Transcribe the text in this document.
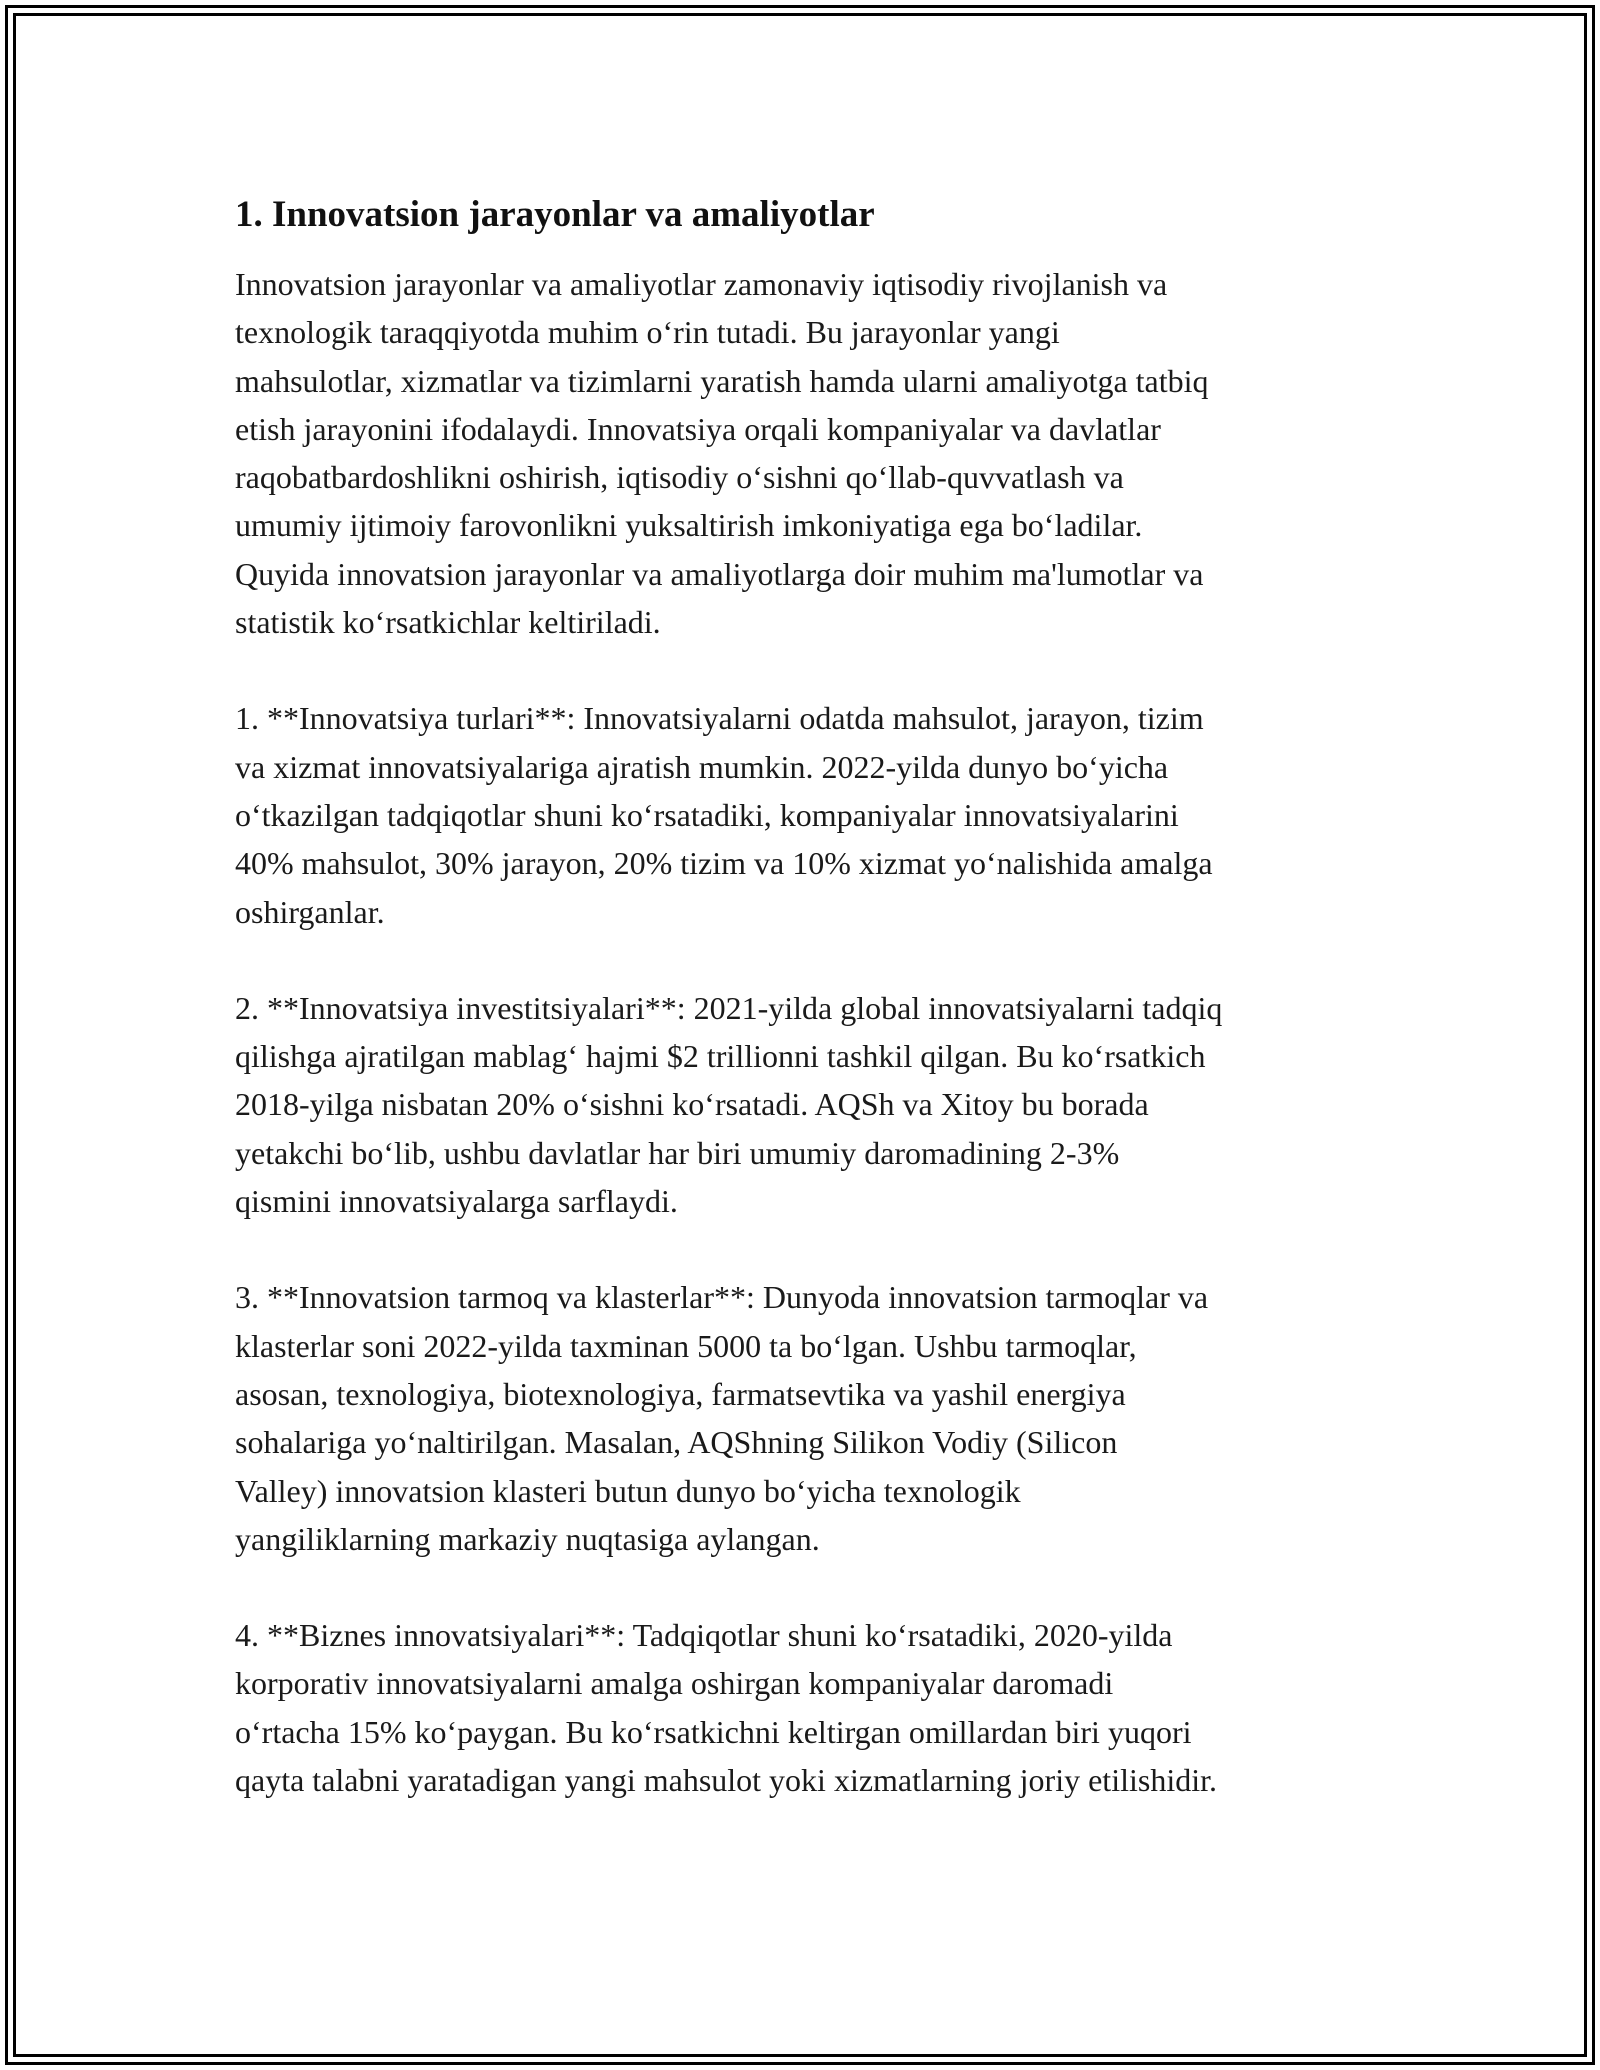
1. Innovatsion jarayonlar va amaliyotlar

Innovatsion jarayonlar va amaliyotlar zamonaviy iqtisodiy rivojlanish va
texnologik taraqqiyotda muhim oʻrin tutadi. Bu jarayonlar yangi
mahsulotlar, xizmatlar va tizimlarni yaratish hamda ularni amaliyotga tatbiq
etish jarayonini ifodalaydi. Innovatsiya orqali kompaniyalar va davlatlar
raqobatbardoshlikni oshirish, iqtisodiy oʻsishni qoʻllab-quvvatlash va
umumiy ijtimoiy farovonlikni yuksaltirish imkoniyatiga ega boʻladilar.
Quyida innovatsion jarayonlar va amaliyotlarga doir muhim ma'lumotlar va
statistik koʻrsatkichlar keltiriladi.

1. **Innovatsiya turlari**: Innovatsiyalarni odatda mahsulot, jarayon, tizim
va xizmat innovatsiyalariga ajratish mumkin. 2022-yilda dunyo boʻyicha
oʻtkazilgan tadqiqotlar shuni koʻrsatadiki, kompaniyalar innovatsiyalarini
40% mahsulot, 30% jarayon, 20% tizim va 10% xizmat yoʻnalishida amalga
oshirganlar.

2. **Innovatsiya investitsiyalari**: 2021-yilda global innovatsiyalarni tadqiq
qilishga ajratilgan mablagʻ hajmi $2 trillionni tashkil qilgan. Bu koʻrsatkich
2018-yilga nisbatan 20% oʻsishni koʻrsatadi. AQSh va Xitoy bu borada
yetakchi boʻlib, ushbu davlatlar har biri umumiy daromadining 2-3%
qismini innovatsiyalarga sarflaydi.

3. **Innovatsion tarmoq va klasterlar**: Dunyoda innovatsion tarmoqlar va
klasterlar soni 2022-yilda taxminan 5000 ta boʻlgan. Ushbu tarmoqlar,
asosan, texnologiya, biotexnologiya, farmatsevtika va yashil energiya
sohalariga yoʻnaltirilgan. Masalan, AQShning Silikon Vodiy (Silicon
Valley) innovatsion klasteri butun dunyo boʻyicha texnologik
yangiliklarning markaziy nuqtasiga aylangan.

4. **Biznes innovatsiyalari**: Tadqiqotlar shuni koʻrsatadiki, 2020-yilda
korporativ innovatsiyalarni amalga oshirgan kompaniyalar daromadi
oʻrtacha 15% koʻpaygan. Bu koʻrsatkichni keltirgan omillardan biri yuqori
qayta talabni yaratadigan yangi mahsulot yoki xizmatlarning joriy etilishidir.
